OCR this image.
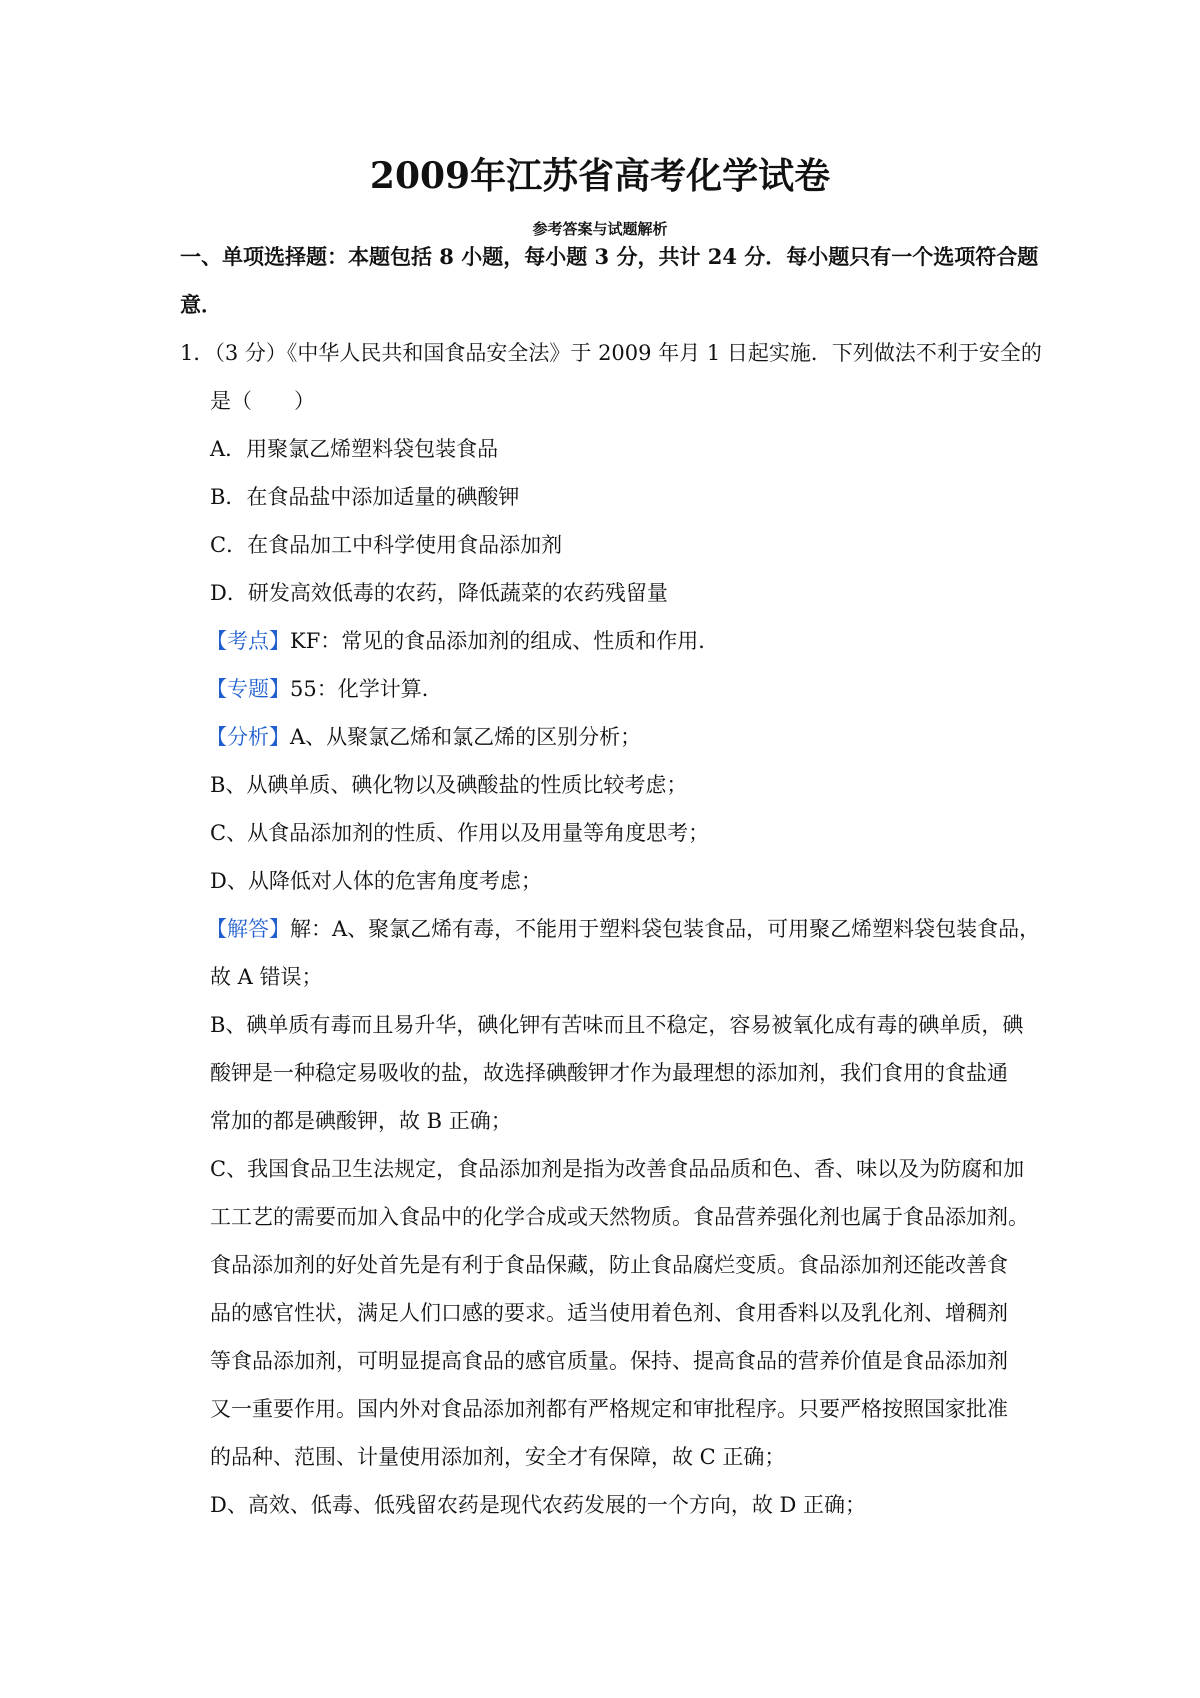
2009年江苏省高考化学试卷
参考答案与试题解析
一、单项选择题：本题包括 8 小题，每小题 3 分，共计 24 分．每小题只有一个选项符合题
意．
1．（3 分）《中华人民共和国食品安全法》于 2009 年月 1 日起实施．下列做法不利于安全的
是（　　）
A．用聚氯乙烯塑料袋包装食品
B．在食品盐中添加适量的碘酸钾
C．在食品加工中科学使用食品添加剂
D．研发高效低毒的农药，降低蔬菜的农药残留量
【考点】KF：常见的食品添加剂的组成、性质和作用．
【专题】55：化学计算．
【分析】A、从聚氯乙烯和氯乙烯的区别分析；
B、从碘单质、碘化物以及碘酸盐的性质比较考虑；
C、从食品添加剂的性质、作用以及用量等角度思考；
D、从降低对人体的危害角度考虑；
【解答】解：A、聚氯乙烯有毒，不能用于塑料袋包装食品，可用聚乙烯塑料袋包装食品，
故 A 错误；
B、碘单质有毒而且易升华，碘化钾有苦味而且不稳定，容易被氧化成有毒的碘单质，碘
酸钾是一种稳定易吸收的盐，故选择碘酸钾才作为最理想的添加剂，我们食用的食盐通
常加的都是碘酸钾，故 B 正确；
C、我国食品卫生法规定，食品添加剂是指为改善食品品质和色、香、味以及为防腐和加
工工艺的需要而加入食品中的化学合成或天然物质。食品营养强化剂也属于食品添加剂。
食品添加剂的好处首先是有利于食品保藏，防止食品腐烂变质。食品添加剂还能改善食
品的感官性状，满足人们口感的要求。适当使用着色剂、食用香料以及乳化剂、增稠剂
等食品添加剂，可明显提高食品的感官质量。保持、提高食品的营养价值是食品添加剂
又一重要作用。国内外对食品添加剂都有严格规定和审批程序。只要严格按照国家批准
的品种、范围、计量使用添加剂，安全才有保障，故 C 正确；
D、高效、低毒、低残留农药是现代农药发展的一个方向，故 D 正确；
